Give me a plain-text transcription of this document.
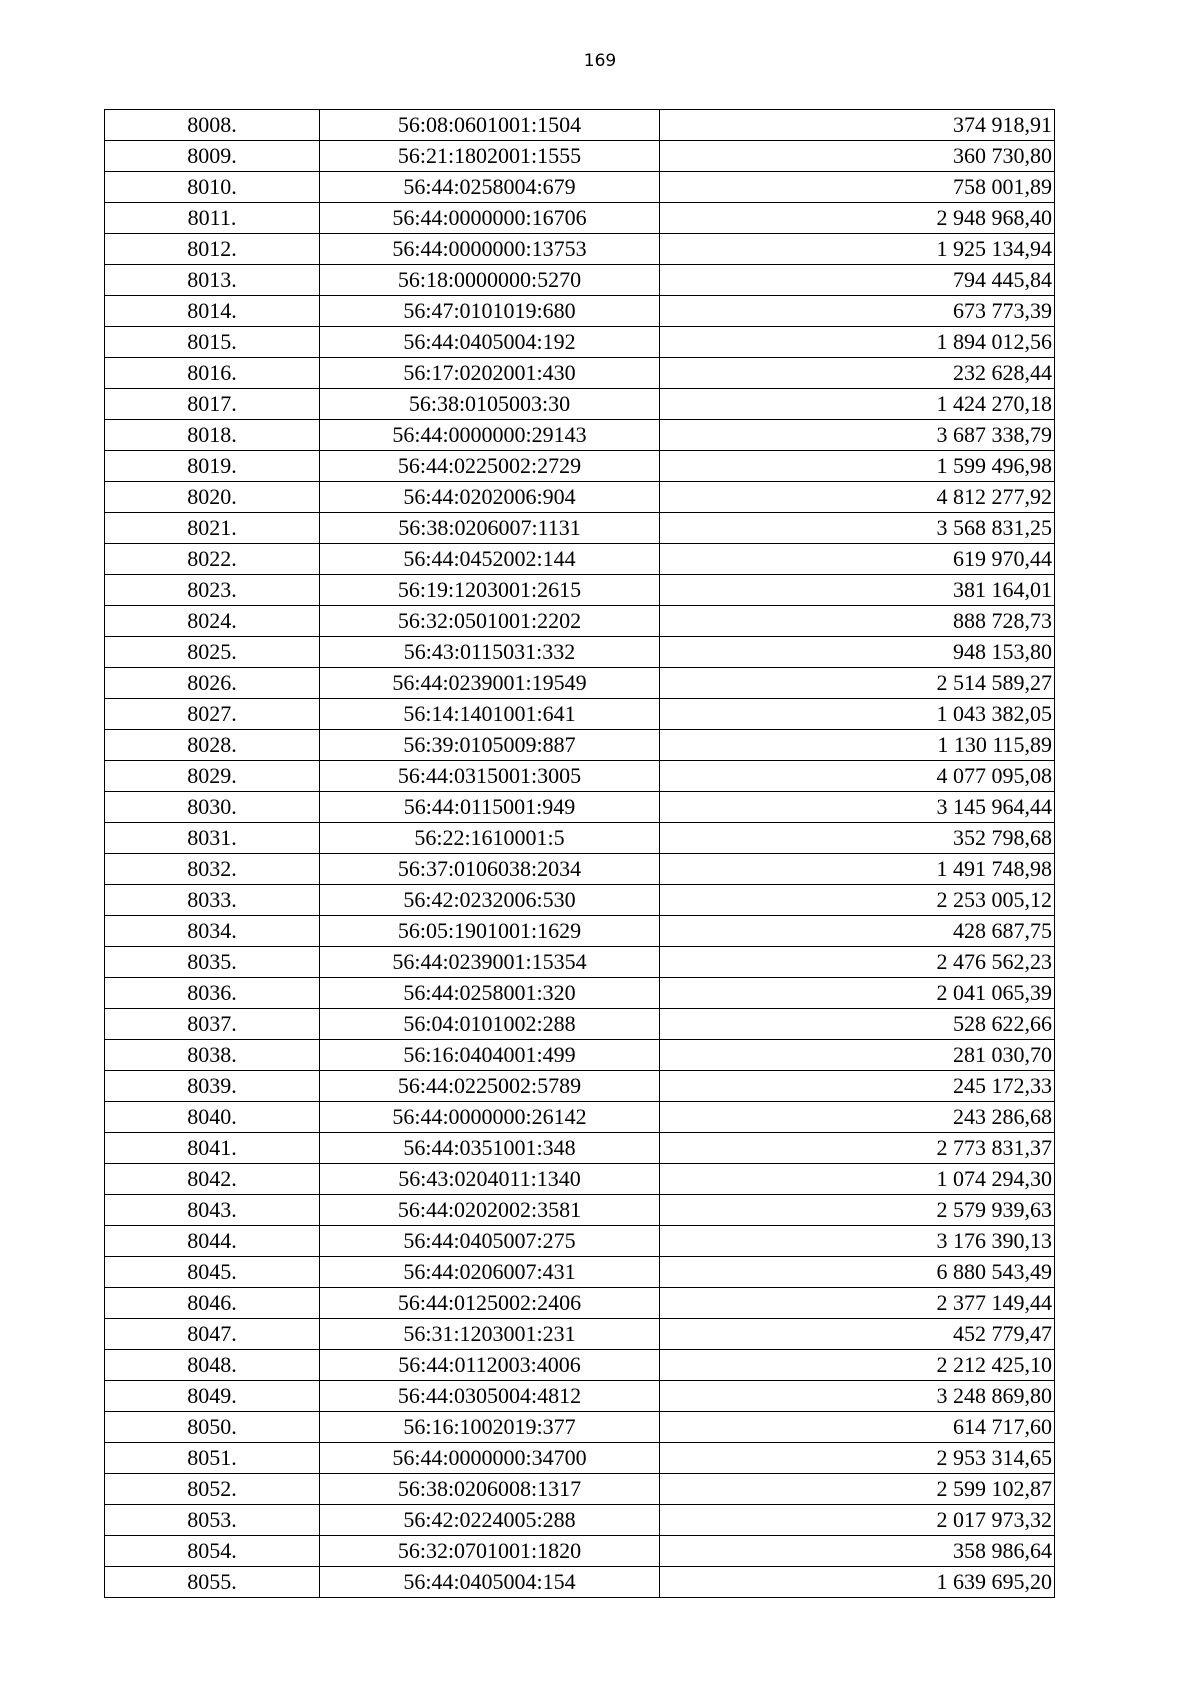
169
8008.	56:08:0601001:1504	374 918,91
8009.	56:21:1802001:1555	360 730,80
8010.	56:44:0258004:679	758 001,89
8011.	56:44:0000000:16706	2 948 968,40
8012.	56:44:0000000:13753	1 925 134,94
8013.	56:18:0000000:5270	794 445,84
8014.	56:47:0101019:680	673 773,39
8015.	56:44:0405004:192	1 894 012,56
8016.	56:17:0202001:430	232 628,44
8017.	56:38:0105003:30	1 424 270,18
8018.	56:44:0000000:29143	3 687 338,79
8019.	56:44:0225002:2729	1 599 496,98
8020.	56:44:0202006:904	4 812 277,92
8021.	56:38:0206007:1131	3 568 831,25
8022.	56:44:0452002:144	619 970,44
8023.	56:19:1203001:2615	381 164,01
8024.	56:32:0501001:2202	888 728,73
8025.	56:43:0115031:332	948 153,80
8026.	56:44:0239001:19549	2 514 589,27
8027.	56:14:1401001:641	1 043 382,05
8028.	56:39:0105009:887	1 130 115,89
8029.	56:44:0315001:3005	4 077 095,08
8030.	56:44:0115001:949	3 145 964,44
8031.	56:22:1610001:5	352 798,68
8032.	56:37:0106038:2034	1 491 748,98
8033.	56:42:0232006:530	2 253 005,12
8034.	56:05:1901001:1629	428 687,75
8035.	56:44:0239001:15354	2 476 562,23
8036.	56:44:0258001:320	2 041 065,39
8037.	56:04:0101002:288	528 622,66
8038.	56:16:0404001:499	281 030,70
8039.	56:44:0225002:5789	245 172,33
8040.	56:44:0000000:26142	243 286,68
8041.	56:44:0351001:348	2 773 831,37
8042.	56:43:0204011:1340	1 074 294,30
8043.	56:44:0202002:3581	2 579 939,63
8044.	56:44:0405007:275	3 176 390,13
8045.	56:44:0206007:431	6 880 543,49
8046.	56:44:0125002:2406	2 377 149,44
8047.	56:31:1203001:231	452 779,47
8048.	56:44:0112003:4006	2 212 425,10
8049.	56:44:0305004:4812	3 248 869,80
8050.	56:16:1002019:377	614 717,60
8051.	56:44:0000000:34700	2 953 314,65
8052.	56:38:0206008:1317	2 599 102,87
8053.	56:42:0224005:288	2 017 973,32
8054.	56:32:0701001:1820	358 986,64
8055.	56:44:0405004:154	1 639 695,20
